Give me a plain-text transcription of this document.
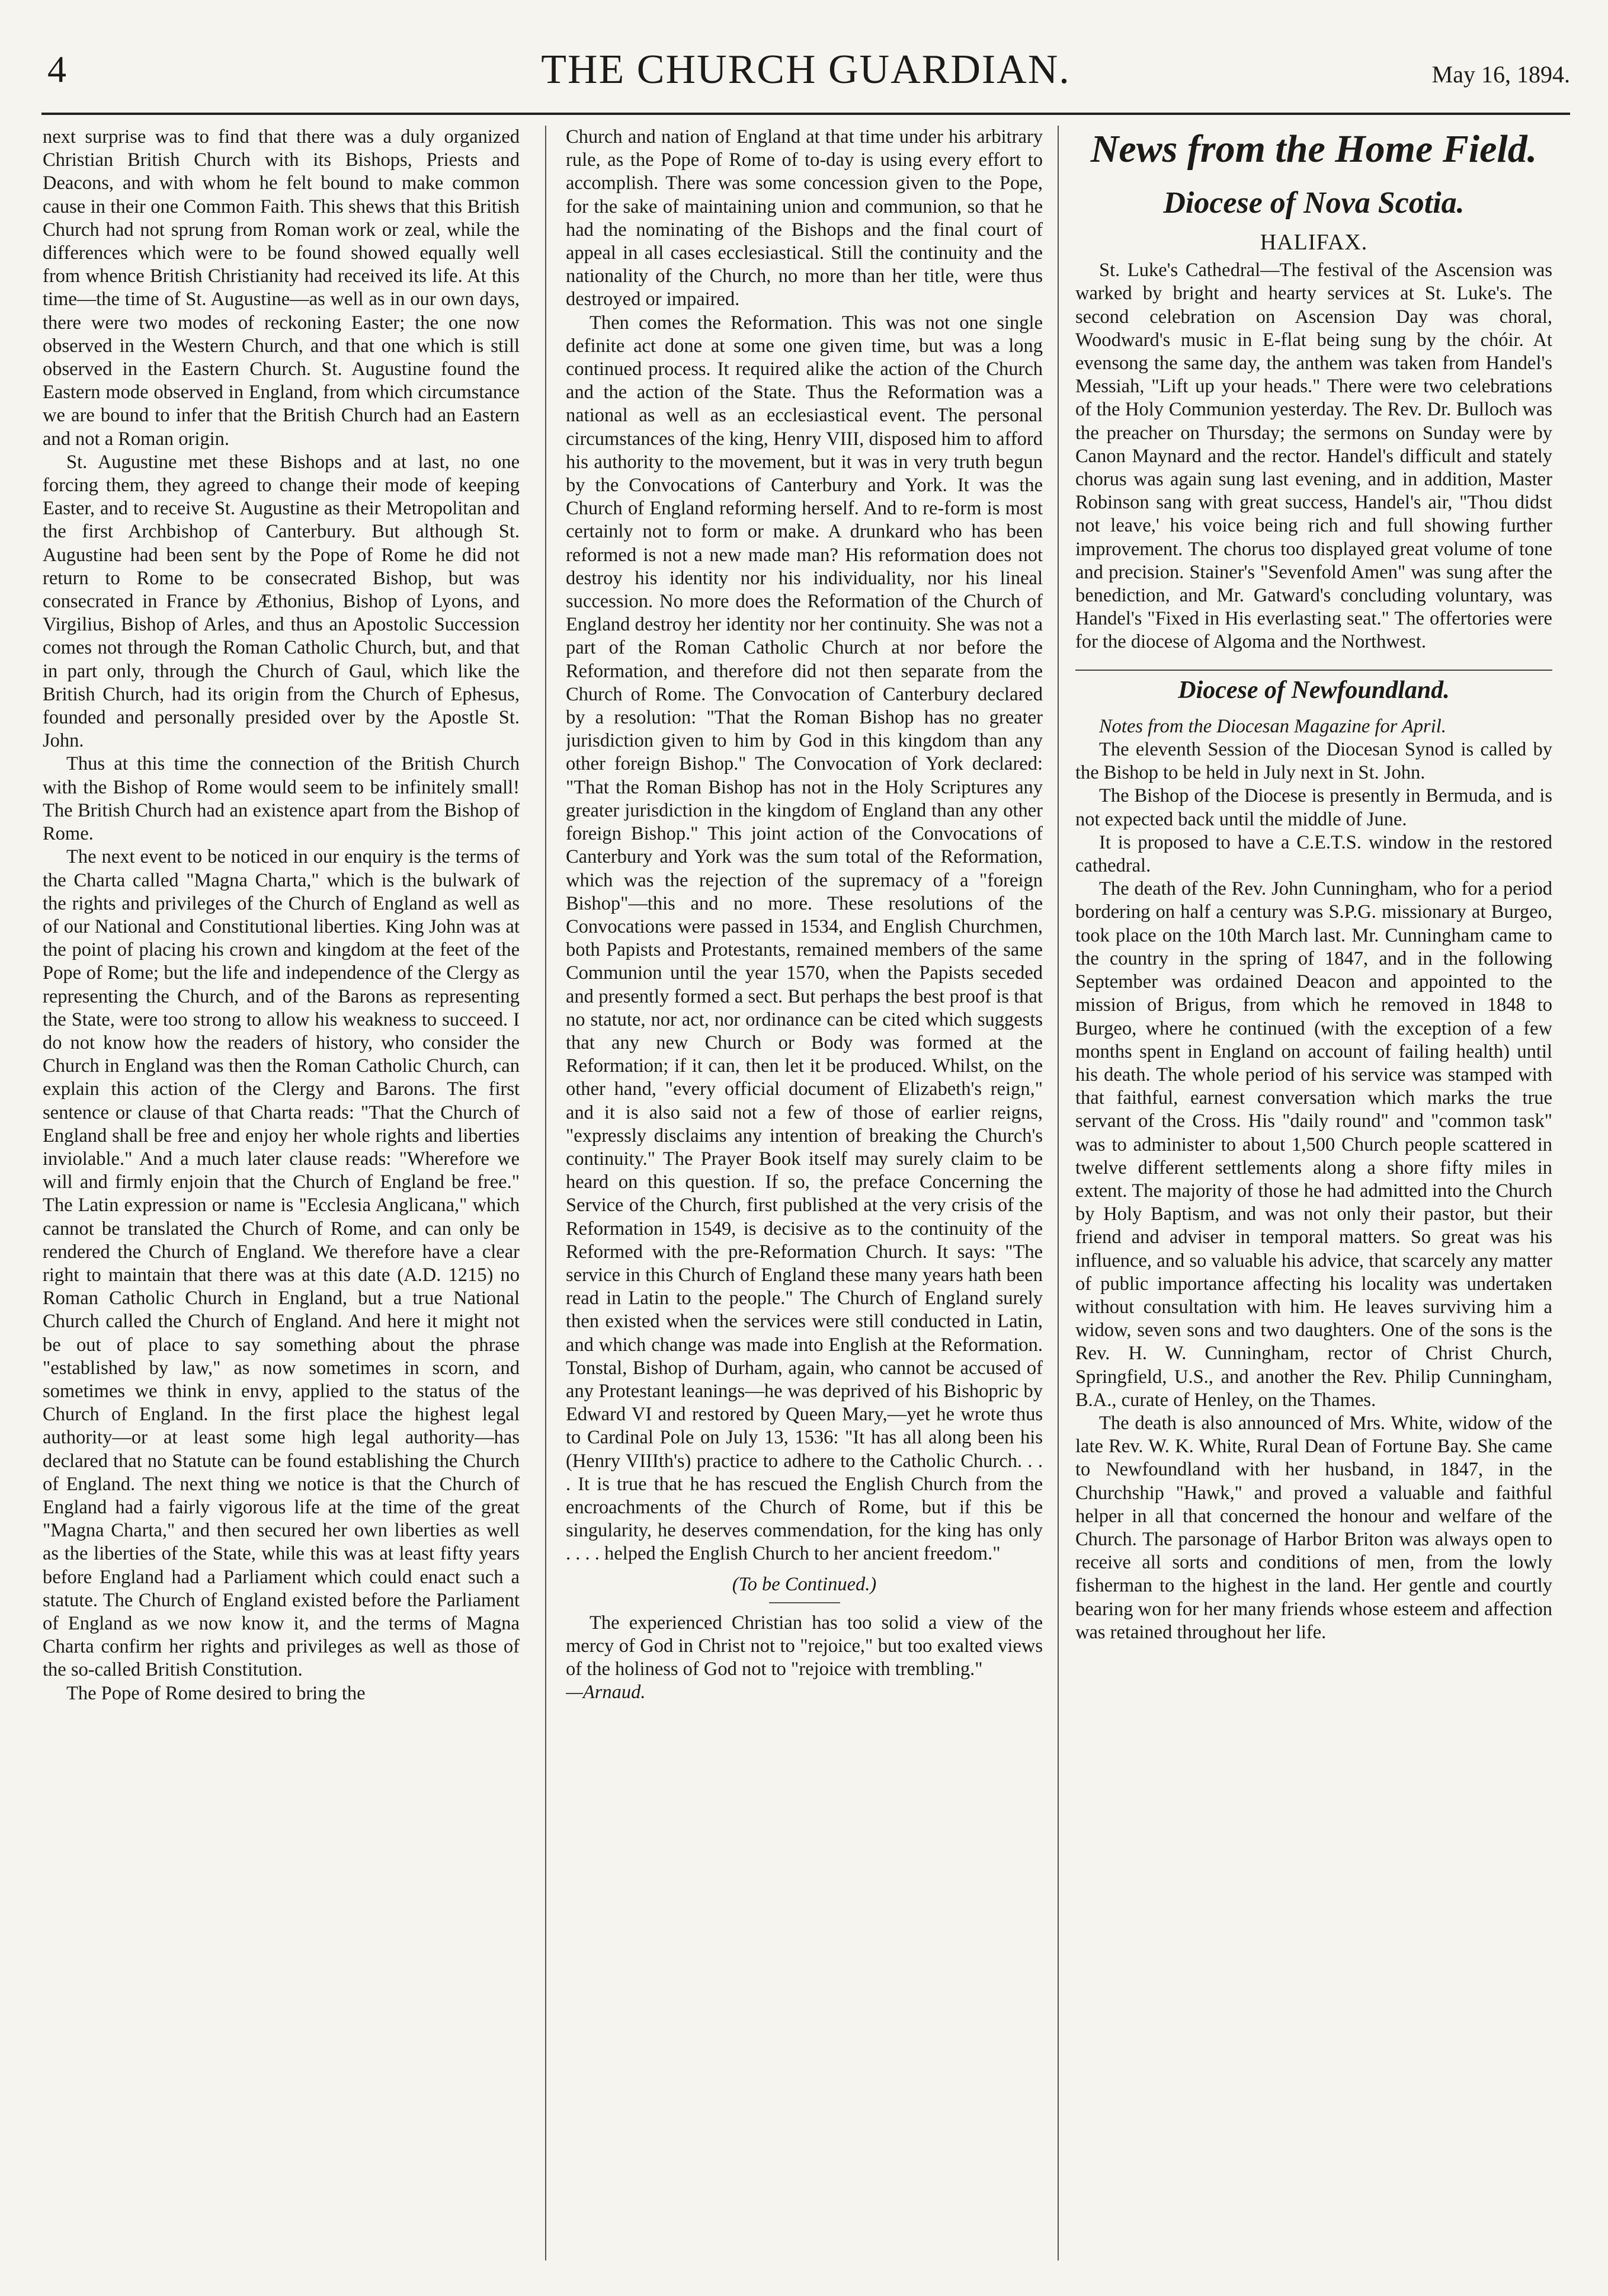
4	THE CHURCH GUARDIAN.	May 16, 1894.

next surprise was to find that there was a duly organized Christian British Church with its Bishops, Priests and Deacons, and with whom he felt bound to make common cause in their one Common Faith. This shews that this British Church had not sprung from Roman work or zeal, while the differences which were to be found showed equally well from whence British Christianity had received its life. At this time—the time of St. Augustine—as well as in our own days, there were two modes of reckoning Easter; the one now observed in the Western Church, and that one which is still observed in the Eastern Church. St. Augustine found the Eastern mode observed in England, from which circumstance we are bound to infer that the British Church had an Eastern and not a Roman origin.

St. Augustine met these Bishops and at last, no one forcing them, they agreed to change their mode of keeping Easter, and to receive St. Augustine as their Metropolitan and the first Archbishop of Canterbury. But although St. Augustine had been sent by the Pope of Rome he did not return to Rome to be consecrated Bishop, but was consecrated in France by Æthonius, Bishop of Lyons, and Virgilius, Bishop of Arles, and thus an Apostolic Succession comes not through the Roman Catholic Church, but, and that in part only, through the Church of Gaul, which like the British Church, had its origin from the Church of Ephesus, founded and personally presided over by the Apostle St. John.

Thus at this time the connection of the British Church with the Bishop of Rome would seem to be infinitely small! The British Church had an existence apart from the Bishop of Rome.

The next event to be noticed in our enquiry is the terms of the Charta called "Magna Charta," which is the bulwark of the rights and privileges of the Church of England as well as of our National and Constitutional liberties. King John was at the point of placing his crown and kingdom at the feet of the Pope of Rome; but the life and independence of the Clergy as representing the Church, and of the Barons as representing the State, were too strong to allow his weakness to succeed. I do not know how the readers of history, who consider the Church in England was then the Roman Catholic Church, can explain this action of the Clergy and Barons. The first sentence or clause of that Charta reads: "That the Church of England shall be free and enjoy her whole rights and liberties inviolable." And a much later clause reads: "Wherefore we will and firmly enjoin that the Church of England be free." The Latin expression or name is "Ecclesia Anglicana," which cannot be translated the Church of Rome, and can only be rendered the Church of England. We therefore have a clear right to maintain that there was at this date (A.D. 1215) no Roman Catholic Church in England, but a true National Church called the Church of England. And here it might not be out of place to say something about the phrase "established by law," as now sometimes in scorn, and sometimes we think in envy, applied to the status of the Church of England. In the first place the highest legal authority—or at least some high legal authority—has declared that no Statute can be found establishing the Church of England. The next thing we notice is that the Church of England had a fairly vigorous life at the time of the great "Magna Charta," and then secured her own liberties as well as the liberties of the State, while this was at least fifty years before England had a Parliament which could enact such a statute. The Church of England existed before the Parliament of England as we now know it, and the terms of Magna Charta confirm her rights and privileges as well as those of the so-called British Constitution.

The Pope of Rome desired to bring the

Church and nation of England at that time under his arbitrary rule, as the Pope of Rome of to-day is using every effort to accomplish. There was some concession given to the Pope, for the sake of maintaining union and communion, so that he had the nominating of the Bishops and the final court of appeal in all cases ecclesiastical. Still the continuity and the nationality of the Church, no more than her title, were thus destroyed or impaired.

Then comes the Reformation. This was not one single definite act done at some one given time, but was a long continued process. It required alike the action of the Church and the action of the State. Thus the Reformation was a national as well as an ecclesiastical event. The personal circumstances of the king, Henry VIII, disposed him to afford his authority to the movement, but it was in very truth begun by the Convocations of Canterbury and York. It was the Church of England reforming herself. And to re-form is most certainly not to form or make. A drunkard who has been reformed is not a new made man? His reformation does not destroy his identity nor his individuality, nor his lineal succession. No more does the Reformation of the Church of England destroy her identity nor her continuity. She was not a part of the Roman Catholic Church at nor before the Reformation, and therefore did not then separate from the Church of Rome. The Convocation of Canterbury declared by a resolution: "That the Roman Bishop has no greater jurisdiction given to him by God in this kingdom than any other foreign Bishop." The Convocation of York declared: "That the Roman Bishop has not in the Holy Scriptures any greater jurisdiction in the kingdom of England than any other foreign Bishop." This joint action of the Convocations of Canterbury and York was the sum total of the Reformation, which was the rejection of the supremacy of a "foreign Bishop"—this and no more. These resolutions of the Convocations were passed in 1534, and English Churchmen, both Papists and Protestants, remained members of the same Communion until the year 1570, when the Papists seceded and presently formed a sect. But perhaps the best proof is that no statute, nor act, nor ordinance can be cited which suggests that any new Church or Body was formed at the Reformation; if it can, then let it be produced. Whilst, on the other hand, "every official document of Elizabeth's reign," and it is also said not a few of those of earlier reigns, "expressly disclaims any intention of breaking the Church's continuity." The Prayer Book itself may surely claim to be heard on this question. If so, the preface Concerning the Service of the Church, first published at the very crisis of the Reformation in 1549, is decisive as to the continuity of the Reformed with the pre-Reformation Church. It says: "The service in this Church of England these many years hath been read in Latin to the people." The Church of England surely then existed when the services were still conducted in Latin, and which change was made into English at the Reformation. Tonstal, Bishop of Durham, again, who cannot be accused of any Protestant leanings—he was deprived of his Bishopric by Edward VI and restored by Queen Mary,—yet he wrote thus to Cardinal Pole on July 13, 1536: "It has all along been his (Henry VIIIth's) practice to adhere to the Catholic Church. . . . It is true that he has rescued the English Church from the encroachments of the Church of Rome, but if this be singularity, he deserves commendation, for the king has only . . . . helped the English Church to her ancient freedom."

(To be Continued.)

The experienced Christian has too solid a view of the mercy of God in Christ not to "rejoice," but too exalted views of the holiness of God not to "rejoice with trembling."

—Arnaud.

News from the Home Field.
Diocese of Nova Scotia.
HALIFAX.

St. Luke's Cathedral—The festival of the Ascension was warked by bright and hearty services at St. Luke's. The second celebration on Ascension Day was choral, Woodward's music in E-flat being sung by the chóir. At evensong the same day, the anthem was taken from Handel's Messiah, "Lift up your heads." There were two celebrations of the Holy Communion yesterday. The Rev. Dr. Bulloch was the preacher on Thursday; the sermons on Sunday were by Canon Maynard and the rector. Handel's difficult and stately chorus was again sung last evening, and in addition, Master Robinson sang with great success, Handel's air, "Thou didst not leave,' his voice being rich and full showing further improvement. The chorus too displayed great volume of tone and precision. Stainer's "Sevenfold Amen" was sung after the benediction, and Mr. Gatward's concluding voluntary, was Handel's "Fixed in His everlasting seat." The offertories were for the diocese of Algoma and the Northwest.

Diocese of Newfoundland.

Notes from the Diocesan Magazine for April.

The eleventh Session of the Diocesan Synod is called by the Bishop to be held in July next in St. John.

The Bishop of the Diocese is presently in Bermuda, and is not expected back until the middle of June.

It is proposed to have a C.E.T.S. window in the restored cathedral.

The death of the Rev. John Cunningham, who for a period bordering on half a century was S.P.G. missionary at Burgeo, took place on the 10th March last. Mr. Cunningham came to the country in the spring of 1847, and in the following September was ordained Deacon and appointed to the mission of Brigus, from which he removed in 1848 to Burgeo, where he continued (with the exception of a few months spent in England on account of failing health) until his death. The whole period of his service was stamped with that faithful, earnest conversation which marks the true servant of the Cross. His "daily round" and "common task" was to administer to about 1,500 Church people scattered in twelve different settlements along a shore fifty miles in extent. The majority of those he had admitted into the Church by Holy Baptism, and was not only their pastor, but their friend and adviser in temporal matters. So great was his influence, and so valuable his advice, that scarcely any matter of public importance affecting his locality was undertaken without consultation with him. He leaves surviving him a widow, seven sons and two daughters. One of the sons is the Rev. H. W. Cunningham, rector of Christ Church, Springfield, U.S., and another the Rev. Philip Cunningham, B.A., curate of Henley, on the Thames.

The death is also announced of Mrs. White, widow of the late Rev. W. K. White, Rural Dean of Fortune Bay. She came to Newfoundland with her husband, in 1847, in the Churchship "Hawk," and proved a valuable and faithful helper in all that concerned the honour and welfare of the Church. The parsonage of Harbor Briton was always open to receive all sorts and conditions of men, from the lowly fisherman to the highest in the land. Her gentle and courtly bearing won for her many friends whose esteem and affection was retained throughout her life.
